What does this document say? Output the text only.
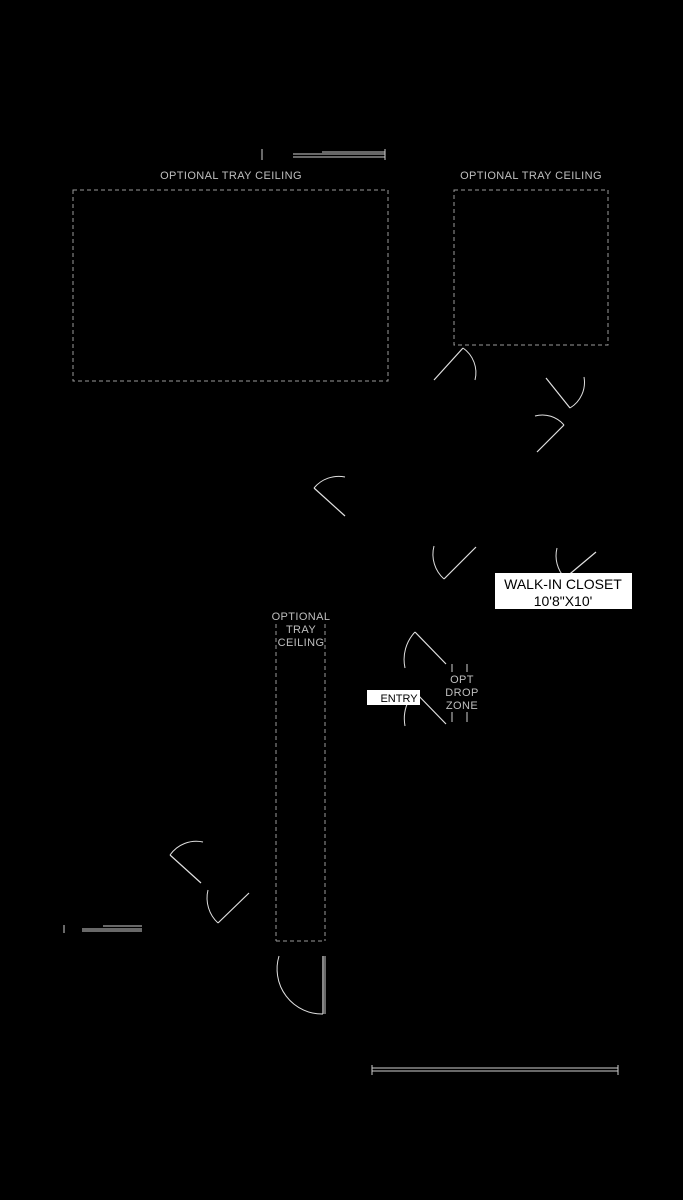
OPTIONAL TRAY CEILING	OPTIONAL TRAY CEILING
WALK-IN CLOSET
10'8"X10'
OPTIONAL
TRAY
CEILING
OPT
DROP
ZONE
ENTRY
